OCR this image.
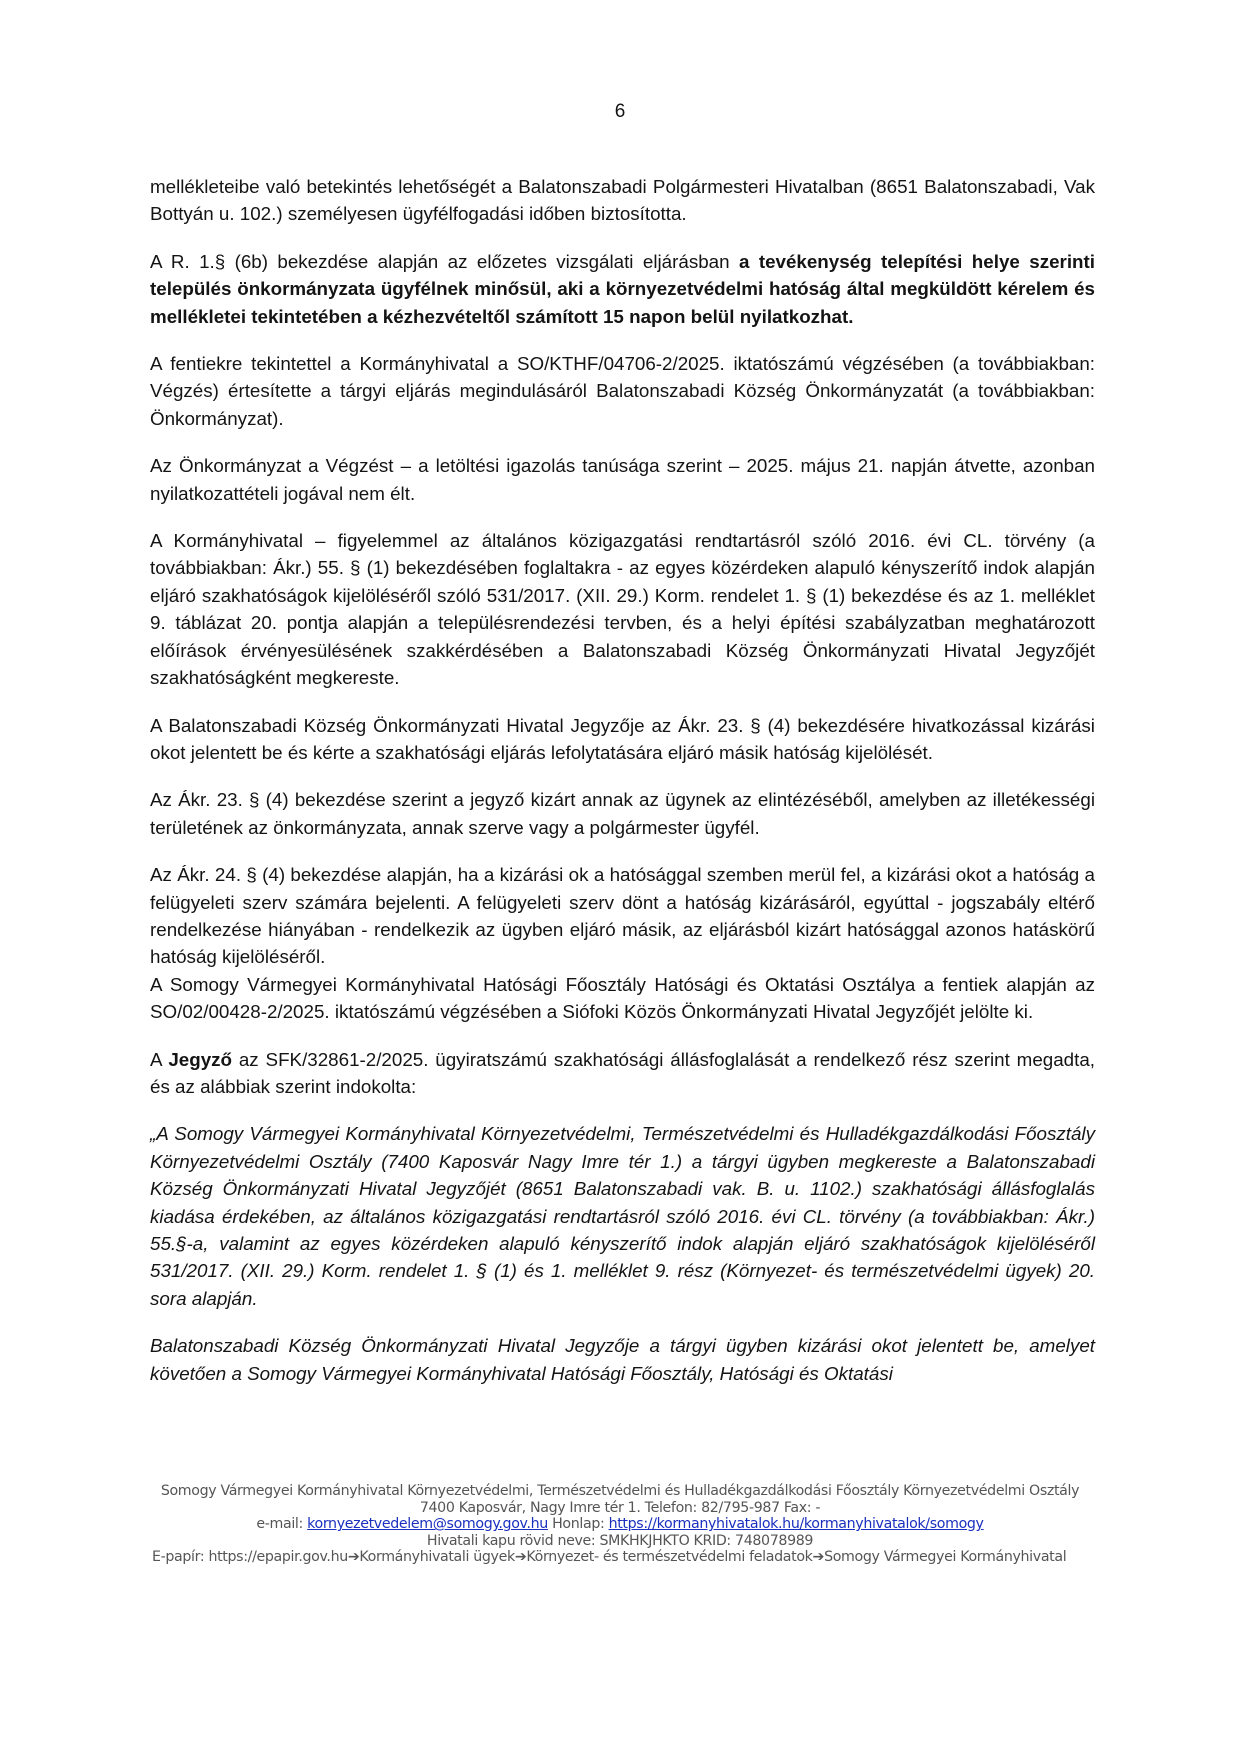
6

mellékleteibe való betekintés lehetőségét a Balatonszabadi Polgármesteri Hivatalban (8651 Balatonszabadi, Vak Bottyán u. 102.) személyesen ügyfélfogadási időben biztosította.

A R. 1.§ (6b) bekezdése alapján az előzetes vizsgálati eljárásban a tevékenység telepítési helye szerinti település önkormányzata ügyfélnek minősül, aki a környezetvédelmi hatóság által megküldött kérelem és mellékletei tekintetében a kézhezvételtől számított 15 napon belül nyilatkozhat.

A fentiekre tekintettel a Kormányhivatal a SO/KTHF/04706-2/2025. iktatószámú végzésében (a továbbiakban: Végzés) értesítette a tárgyi eljárás megindulásáról Balatonszabadi Község Önkormányzatát (a továbbiakban: Önkormányzat).

Az Önkormányzat a Végzést – a letöltési igazolás tanúsága szerint – 2025. május 21. napján átvette, azonban nyilatkozattételi jogával nem élt.

A Kormányhivatal – figyelemmel az általános közigazgatási rendtartásról szóló 2016. évi CL. törvény (a továbbiakban: Ákr.) 55. § (1) bekezdésében foglaltakra - az egyes közérdeken alapuló kényszerítő indok alapján eljáró szakhatóságok kijelöléséről szóló 531/2017. (XII. 29.) Korm. rendelet 1. § (1) bekezdése és az 1. melléklet 9. táblázat 20. pontja alapján a településrendezési tervben, és a helyi építési szabályzatban meghatározott előírások érvényesülésének szakkérdésében a Balatonszabadi Község Önkormányzati Hivatal Jegyzőjét szakhatóságként megkereste.

A Balatonszabadi Község Önkormányzati Hivatal Jegyzője az Ákr. 23. § (4) bekezdésére hivatkozással kizárási okot jelentett be és kérte a szakhatósági eljárás lefolytatására eljáró másik hatóság kijelölését.

Az Ákr. 23. § (4) bekezdése szerint a jegyző kizárt annak az ügynek az elintézéséből, amelyben az illetékességi területének az önkormányzata, annak szerve vagy a polgármester ügyfél.

Az Ákr. 24. § (4) bekezdése alapján, ha a kizárási ok a hatósággal szemben merül fel, a kizárási okot a hatóság a felügyeleti szerv számára bejelenti. A felügyeleti szerv dönt a hatóság kizárásáról, egyúttal - jogszabály eltérő rendelkezése hiányában - rendelkezik az ügyben eljáró másik, az eljárásból kizárt hatósággal azonos hatáskörű hatóság kijelöléséről.

A Somogy Vármegyei Kormányhivatal Hatósági Főosztály Hatósági és Oktatási Osztálya a fentiek alapján az SO/02/00428-2/2025. iktatószámú végzésében a Siófoki Közös Önkormányzati Hivatal Jegyzőjét jelölte ki.

A Jegyző az SFK/32861-2/2025. ügyiratszámú szakhatósági állásfoglalását a rendelkező rész szerint megadta, és az alábbiak szerint indokolta:

„A Somogy Vármegyei Kormányhivatal Környezetvédelmi, Természetvédelmi és Hulladékgazdálkodási Főosztály Környezetvédelmi Osztály (7400 Kaposvár Nagy Imre tér 1.) a tárgyi ügyben megkereste a Balatonszabadi Község Önkormányzati Hivatal Jegyzőjét (8651 Balatonszabadi vak. B. u. 1102.) szakhatósági állásfoglalás kiadása érdekében, az általános közigazgatási rendtartásról szóló 2016. évi CL. törvény (a továbbiakban: Ákr.) 55.§-a, valamint az egyes közérdeken alapuló kényszerítő indok alapján eljáró szakhatóságok kijelöléséről 531/2017. (XII. 29.) Korm. rendelet 1. § (1) és 1. melléklet 9. rész (Környezet- és természetvédelmi ügyek) 20. sora alapján.

Balatonszabadi Község Önkormányzati Hivatal Jegyzője a tárgyi ügyben kizárási okot jelentett be, amelyet követően a Somogy Vármegyei Kormányhivatal Hatósági Főosztály, Hatósági és Oktatási

Somogy Vármegyei Kormányhivatal Környezetvédelmi, Természetvédelmi és Hulladékgazdálkodási Főosztály Környezetvédelmi Osztály
7400 Kaposvár, Nagy Imre tér 1. Telefon: 82/795-987 Fax: -
e-mail: kornyezetvedelem@somogy.gov.hu Honlap: https://kormanyhivatalok.hu/kormanyhivatalok/somogy
Hivatali kapu rövid neve: SMKHKJHKTO KRID: 748078989
E-papír: https://epapir.gov.hu➔Kormányhivatali ügyek➔Környezet- és természetvédelmi feladatok➔Somogy Vármegyei Kormányhivatal
